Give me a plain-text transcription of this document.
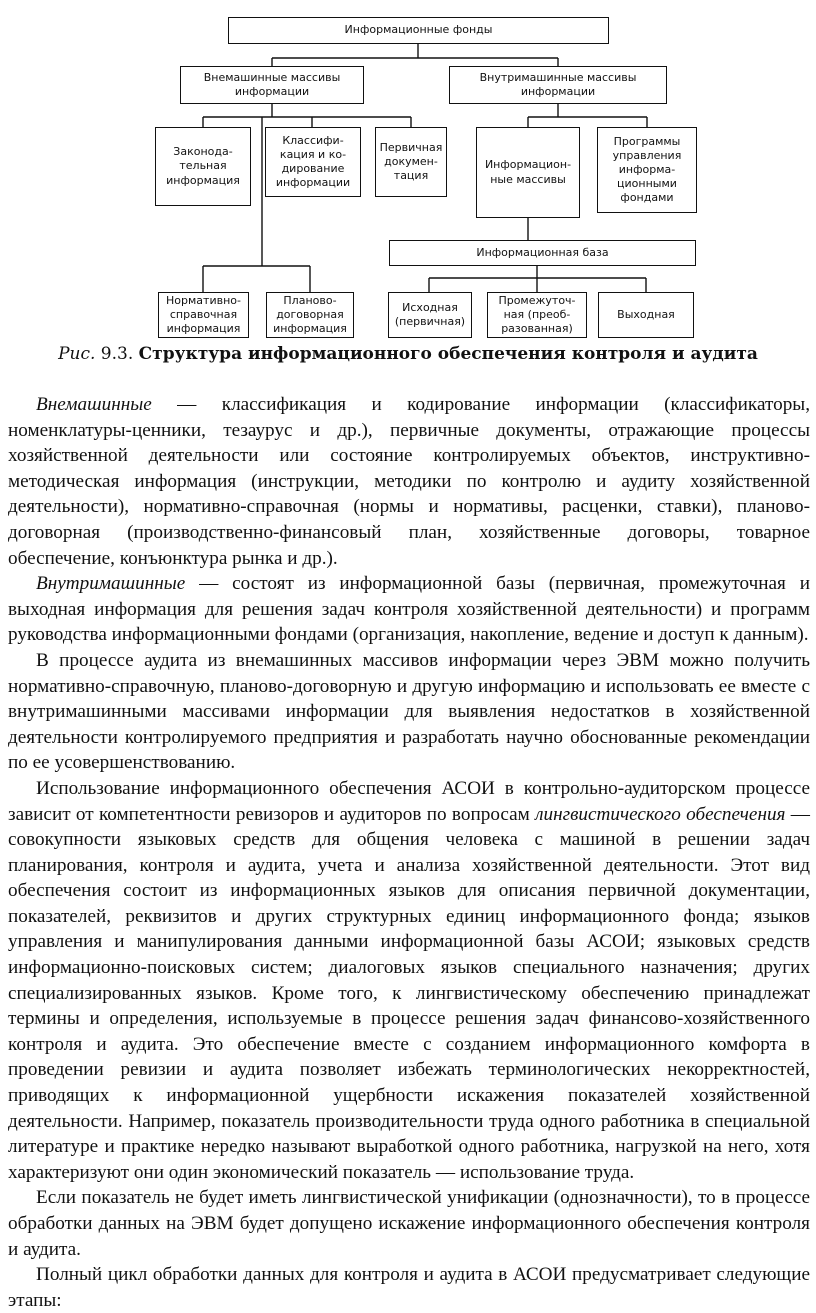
Информационные фонды
Внемашинные массивы
информации
Внутримашинные массивы
информации
Законода-
тельная
информация
Классифи-
кация и ко-
дирование
информации
Первичная
докумен-
тация
Информацион-
ные массивы
Программы
управления
информа-
ционными
фондами
Информационная база
Нормативно-
справочная
информация
Планово-
договорная
информация
Исходная
(первичная)
Промежуточ-
ная (преоб-
разованная)
Выходная
Рис. 9.3. Структура информационного обеспечения контроля и аудита

Внемашинные — классификация и кодирование информации (классификаторы, номенклатуры-ценники, тезаурус и др.), первичные документы, отражающие процессы хозяйственной деятельности или состояние контролируемых объектов, инструктивно-методическая информация (инструкции, методики по контролю и аудиту хозяйственной деятельности), нормативно-справочная (нормы и нормативы, расценки, ставки), планово-договорная (производственно-финансовый план, хозяйственные договоры, товарное обеспечение, конъюнктура рынка и др.).

Внутримашинные — состоят из информационной базы (первичная, промежуточная и выходная информация для решения задач контроля хозяйственной деятельности) и программ руководства информационными фондами (организация, накопление, ведение и доступ к данным).

В процессе аудита из внемашинных массивов информации через ЭВМ можно получить нормативно-справочную, планово-договорную и другую информацию и использовать ее вместе с внутримашинными массивами информации для выявления недостатков в хозяйственной деятельности контролируемого предприятия и разработать научно обоснованные рекомендации по ее усовершенствованию.

Использование информационного обеспечения АСОИ в контрольно-аудиторском процессе зависит от компетентности ревизоров и аудиторов по вопросам лингвистического обеспечения — совокупности языковых средств для общения человека с машиной в решении задач планирования, контроля и аудита, учета и анализа хозяйственной деятельности. Этот вид обеспечения состоит из информационных языков для описания первичной документации, показателей, реквизитов и других структурных единиц информационного фонда; языков управления и манипулирования данными информационной базы АСОИ; языковых средств информационно-поисковых систем; диалоговых языков специального назначения; других специализированных языков. Кроме того, к лингвистическому обеспечению принадлежат термины и определения, используемые в процессе решения задач финансово-хозяйственного контроля и аудита. Это обеспечение вместе с созданием информационного комфорта в проведении ревизии и аудита позволяет избежать терминологических некорректностей, приводящих к информационной ущербности искажения показателей хозяйственной деятельности. Например, показатель производительности труда одного работника в специальной литературе и практике нередко называют выработкой одного работника, нагрузкой на него, хотя характеризуют они один экономический показатель — использование труда.

Если показатель не будет иметь лингвистической унификации (однозначности), то в процессе обработки данных на ЭВМ будет допущено искажение информационного обеспечения контроля и аудита.

Полный цикл обработки данных для контроля и аудита в АСОИ предусматривает следующие этапы:
